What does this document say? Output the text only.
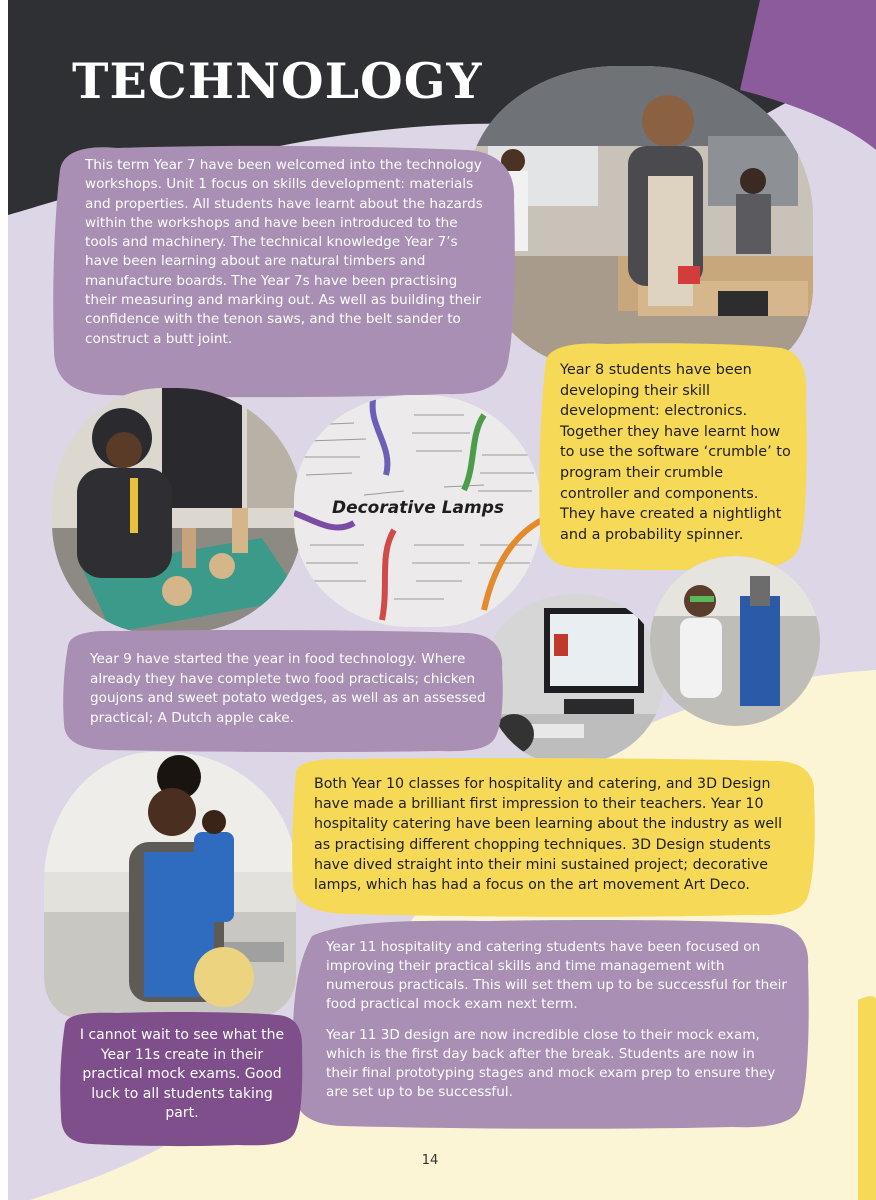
TECHNOLOGY

This term Year 7 have been welcomed into the technology workshops. Unit 1 focus on skills development: materials and properties. All students have learnt about the hazards within the workshops and have been introduced to the tools and machinery. The technical knowledge Year 7’s have been learning about are natural timbers and manufacture boards. The Year 7s have been practising their measuring and marking out. As well as building their confidence with the tenon saws, and the belt sander to construct a butt joint.

Decorative Lamps

Year 8 students have been developing their skill development: electronics. Together they have learnt how to use the software ‘crumble’ to program their crumble controller and components. They have created a nightlight and a probability spinner.

Year 9 have started the year in food technology. Where already they have complete two food practicals; chicken goujons and sweet potato wedges, as well as an assessed practical; A Dutch apple cake.

Both Year 10 classes for hospitality and catering, and 3D Design have made a brilliant first impression to their teachers. Year 10 hospitality catering have been learning about the industry as well as practising different chopping techniques. 3D Design students have dived straight into their mini sustained project; decorative lamps, which has had a focus on the art movement Art Deco.

Year 11 hospitality and catering students have been focused on improving their practical skills and time management with numerous practicals. This will set them up to be successful for their food practical mock exam next term.

Year 11 3D design are now incredible close to their mock exam, which is the first day back after the break. Students are now in their final prototyping stages and mock exam prep to ensure they are set up to be successful.

I cannot wait to see what the Year 11s create in their practical mock exams. Good luck to all students taking part.

14
